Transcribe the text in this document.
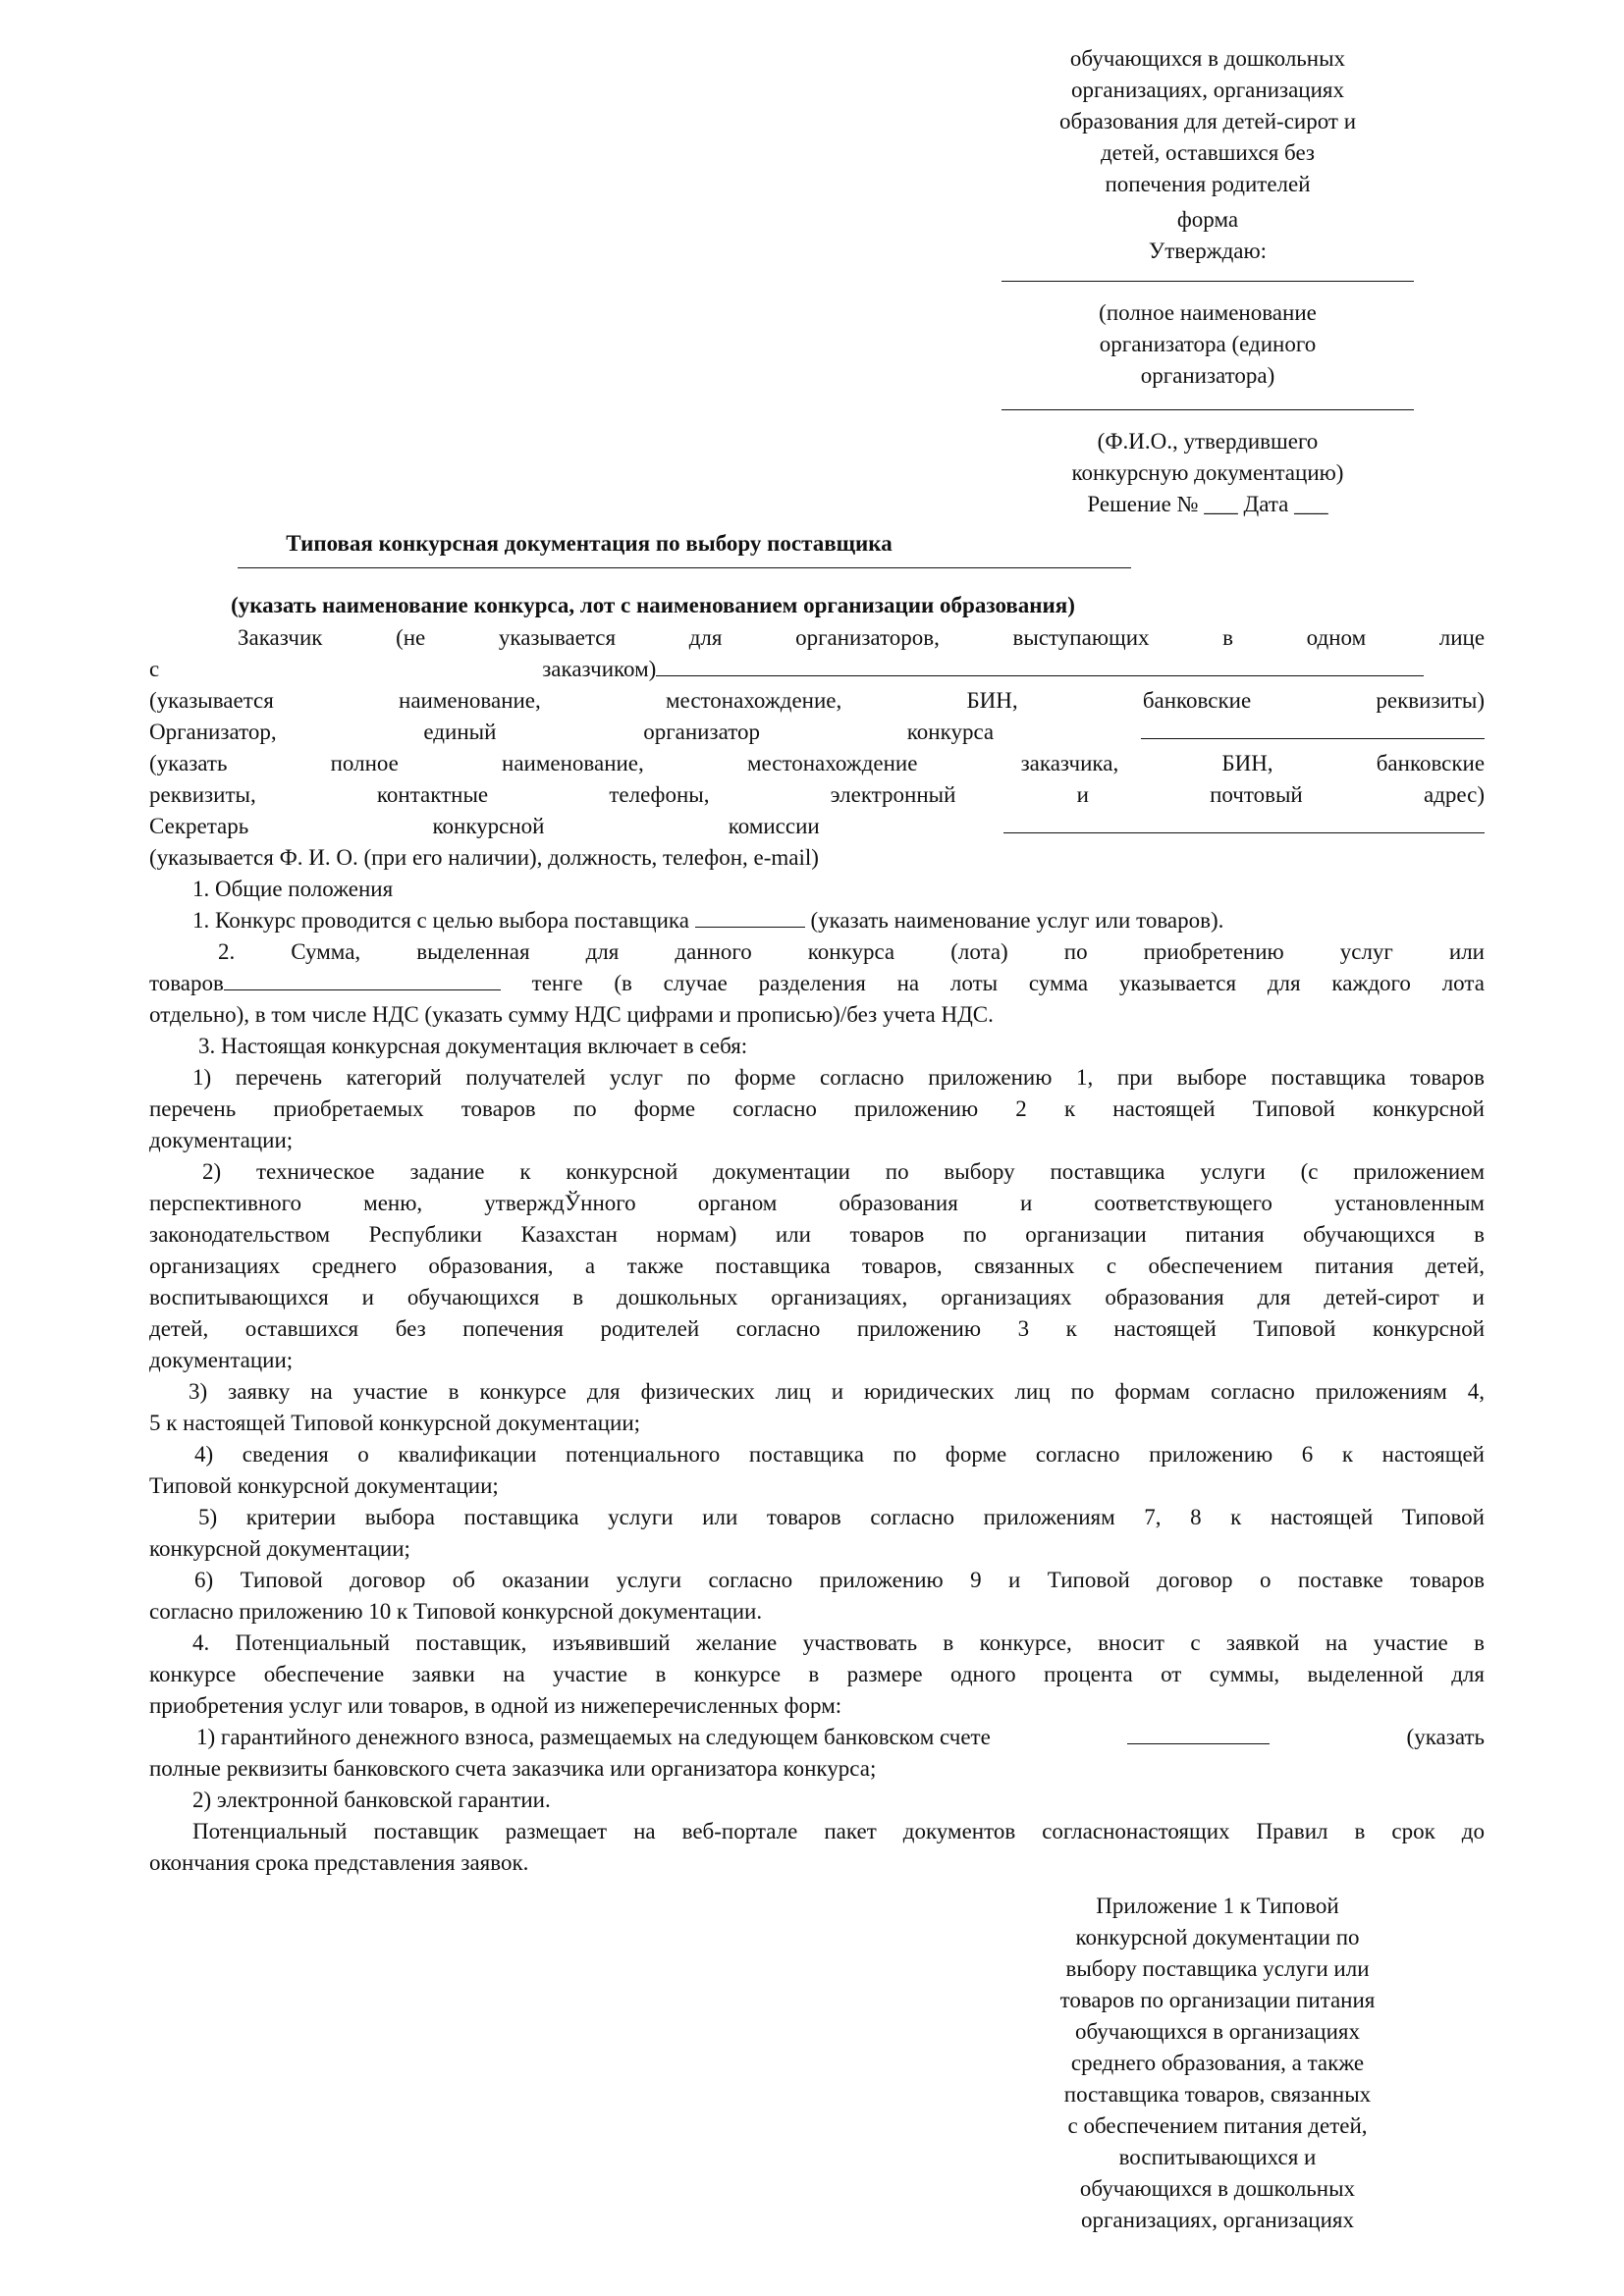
обучающихся в дошкольных
организациях, организациях
образования для детей-сирот и
детей, оставшихся без
попечения родителей
форма
Утверждаю:
(полное наименование
организатора (единого
организатора)
(Ф.И.О., утвердившего
конкурсную документацию)
Решение № ___ Дата ___
Типовая конкурсная документация по выбору поставщика
(указать наименование конкурса, лот с наименованием организации образования)
Заказчик	(не	указывается	для	организаторов,	выступающих	в	одном	лице
с	заказчиком)
(указывается	наименование,	местонахождение,	БИН,	банковские	реквизиты)
Организатор,	единый	организатор	конкурса
(указать	полное	наименование,	местонахождение	заказчика,	БИН,	банковские
реквизиты,	контактные	телефоны,	электронный	и	почтовый	адрес)
Секретарь	конкурсной	комиссии
(указывается Ф. И. О. (при его наличии), должность, телефон, e-mail)
1. Общие положения
1. Конкурс проводится с целью выбора поставщика	(указать наименование услуг или товаров).
2. Сумма, выделенная для данного конкурса (лота) по приобретению услуг или
товаров	тенге (в случае разделения на лоты сумма указывается для каждого лота
отдельно), в том числе НДС (указать сумму НДС цифрами и прописью)/без учета НДС.
3. Настоящая конкурсная документация включает в себя:
1) перечень категорий получателей услуг по форме согласно приложению 1, при выборе поставщика товаров
перечень приобретаемых товаров по форме согласно приложению 2 к настоящей Типовой конкурсной
документации;
2) техническое задание к конкурсной документации по выбору поставщика услуги (с приложением
перспективного меню, утверждЎнного органом образования и соответствующего установленным
законодательством Республики Казахстан нормам) или товаров по организации питания обучающихся в
организациях среднего образования, а также поставщика товаров, связанных с обеспечением питания детей,
воспитывающихся и обучающихся в дошкольных организациях, организациях образования для детей-сирот и
детей, оставшихся без попечения родителей согласно приложению 3 к настоящей Типовой конкурсной
документации;
3) заявку на участие в конкурсе для физических лиц и юридических лиц по формам согласно приложениям 4,
5 к настоящей Типовой конкурсной документации;
4) сведения о квалификации потенциального поставщика по форме согласно приложению 6 к настоящей
Типовой конкурсной документации;
5) критерии выбора поставщика услуги или товаров согласно приложениям 7, 8 к настоящей Типовой
конкурсной документации;
6) Типовой договор об оказании услуги согласно приложению 9 и Типовой договор о поставке товаров
согласно приложению 10 к Типовой конкурсной документации.
4. Потенциальный поставщик, изъявивший желание участвовать в конкурсе, вносит с заявкой на участие в
конкурсе обеспечение заявки на участие в конкурсе в размере одного процента от суммы, выделенной для
приобретения услуг или товаров, в одной из нижеперечисленных форм:
1) гарантийного денежного взноса, размещаемых на следующем банковском счете	(указать
полные реквизиты банковского счета заказчика или организатора конкурса;
2) электронной банковской гарантии.
Потенциальный поставщик размещает на веб-портале пакет документов согласнонастоящих Правил в срок до
окончания срока представления заявок.
Приложение 1 к Типовой
конкурсной документации по
выбору поставщика услуги или
товаров по организации питания
обучающихся в организациях
среднего образования, а также
поставщика товаров, связанных
с обеспечением питания детей,
воспитывающихся и
обучающихся в дошкольных
организациях, организациях
